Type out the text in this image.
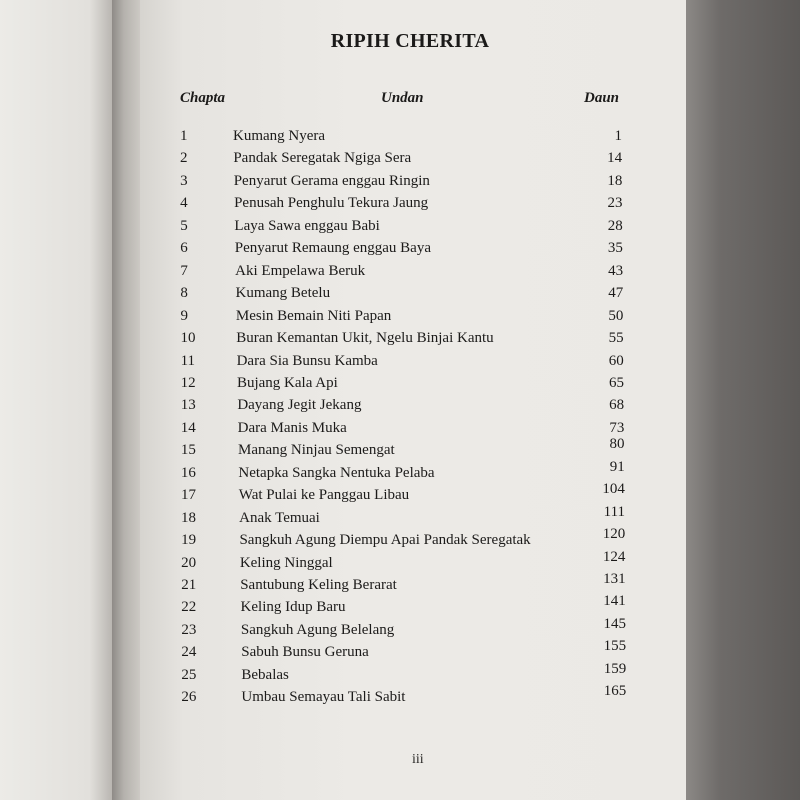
RIPIH CHERITA
Chapta	Undan	Daun
1	Kumang Nyera	1
2	Pandak Seregatak Ngiga Sera	14
3	Penyarut Gerama enggau Ringin	18
4	Penusah Penghulu Tekura Jaung	23
5	Laya Sawa enggau Babi	28
6	Penyarut Remaung enggau Baya	35
7	Aki Empelawa Beruk	43
8	Kumang Betelu	47
9	Mesin Bemain Niti Papan	50
10	Buran Kemantan Ukit, Ngelu Binjai Kantu	55
11	Dara Sia Bunsu Kamba	60
12	Bujang Kala Api	65
13	Dayang Jegit Jekang	68
14	Dara Manis Muka	73
15	Manang Ninjau Semengat	80
16	Netapka Sangka Nentuka Pelaba	91
17	Wat Pulai ke Panggau Libau	104
18	Anak Temuai	111
19	Sangkuh Agung Diempu Apai Pandak Seregatak	120
20	Keling Ninggal	124
21	Santubung Keling Berarat	131
22	Keling Idup Baru	141
23	Sangkuh Agung Belelang	145
24	Sabuh Bunsu Geruna	155
25	Bebalas	159
26	Umbau Semayau Tali Sabit	165
iii
